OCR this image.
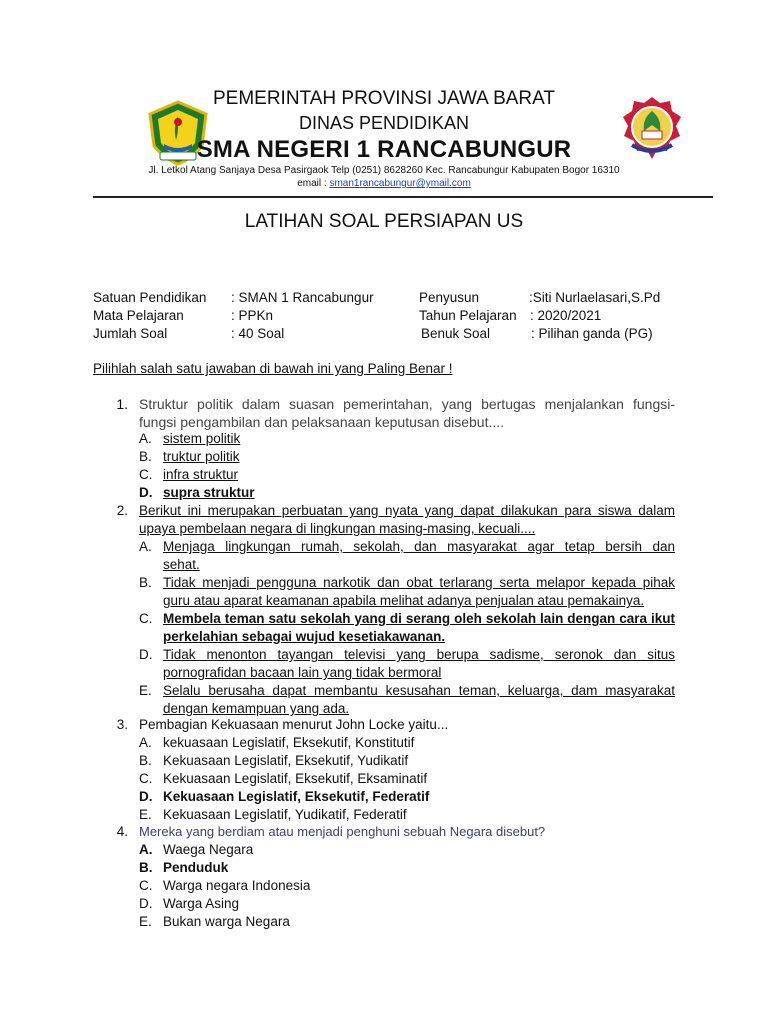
PEMERINTAH PROVINSI JAWA BARAT
DINAS PENDIDIKAN
SMA NEGERI 1 RANCABUNGUR
Jl. Letkol Atang Sanjaya Desa Pasirgaok Telp (0251) 8628260 Kec. Rancabungur Kabupaten Bogor 16310
email : sman1rancabungur@ymail.com
LATIHAN SOAL PERSIAPAN US
Satuan Pendidikan : SMAN 1 Rancabungur	Penyusun	:Siti Nurlaelasari,S.Pd
Mata Pelajaran	: PPKn	Tahun Pelajaran : 2020/2021
Jumlah Soal	: 40 Soal	Benuk Soal	: Pilihan ganda (PG)
Pilihlah salah satu jawaban di bawah ini yang Paling Benar !
1. Struktur politik dalam suasan pemerintahan, yang bertugas menjalankan fungsi-
fungsi pengambilan dan pelaksanaan keputusan disebut....
A. sistem politik
B. truktur politik
C. infra struktur
D. supra struktur
2. Berikut ini merupakan perbuatan yang nyata yang dapat dilakukan para siswa dalam
upaya pembelaan negara di lingkungan masing-masing, kecuali....
A. Menjaga lingkungan rumah, sekolah, dan masyarakat agar tetap bersih dan
sehat.
B. Tidak menjadi pengguna narkotik dan obat terlarang serta melapor kepada pihak
guru atau aparat keamanan apabila melihat adanya penjualan atau pemakainya.
C. Membela teman satu sekolah yang di serang oleh sekolah lain dengan cara ikut
perkelahian sebagai wujud kesetiakawanan.
D. Tidak menonton tayangan televisi yang berupa sadisme, seronok dan situs
pornografidan bacaan lain yang tidak bermoral
E. Selalu berusaha dapat membantu kesusahan teman, keluarga, dam masyarakat
dengan kemampuan yang ada.
3. Pembagian Kekuasaan menurut John Locke yaitu...
A. kekuasaan Legislatif, Eksekutif, Konstitutif
B. Kekuasaan Legislatif, Eksekutif, Yudikatif
C. Kekuasaan Legislatif, Eksekutif, Eksaminatif
D. Kekuasaan Legislatif, Eksekutif, Federatif
E. Kekuasaan Legislatif, Yudikatif, Federatif
4. Mereka yang berdiam atau menjadi penghuni sebuah Negara disebut?
A. Waega Negara
B. Penduduk
C. Warga negara Indonesia
D. Warga Asing
E. Bukan warga Negara
